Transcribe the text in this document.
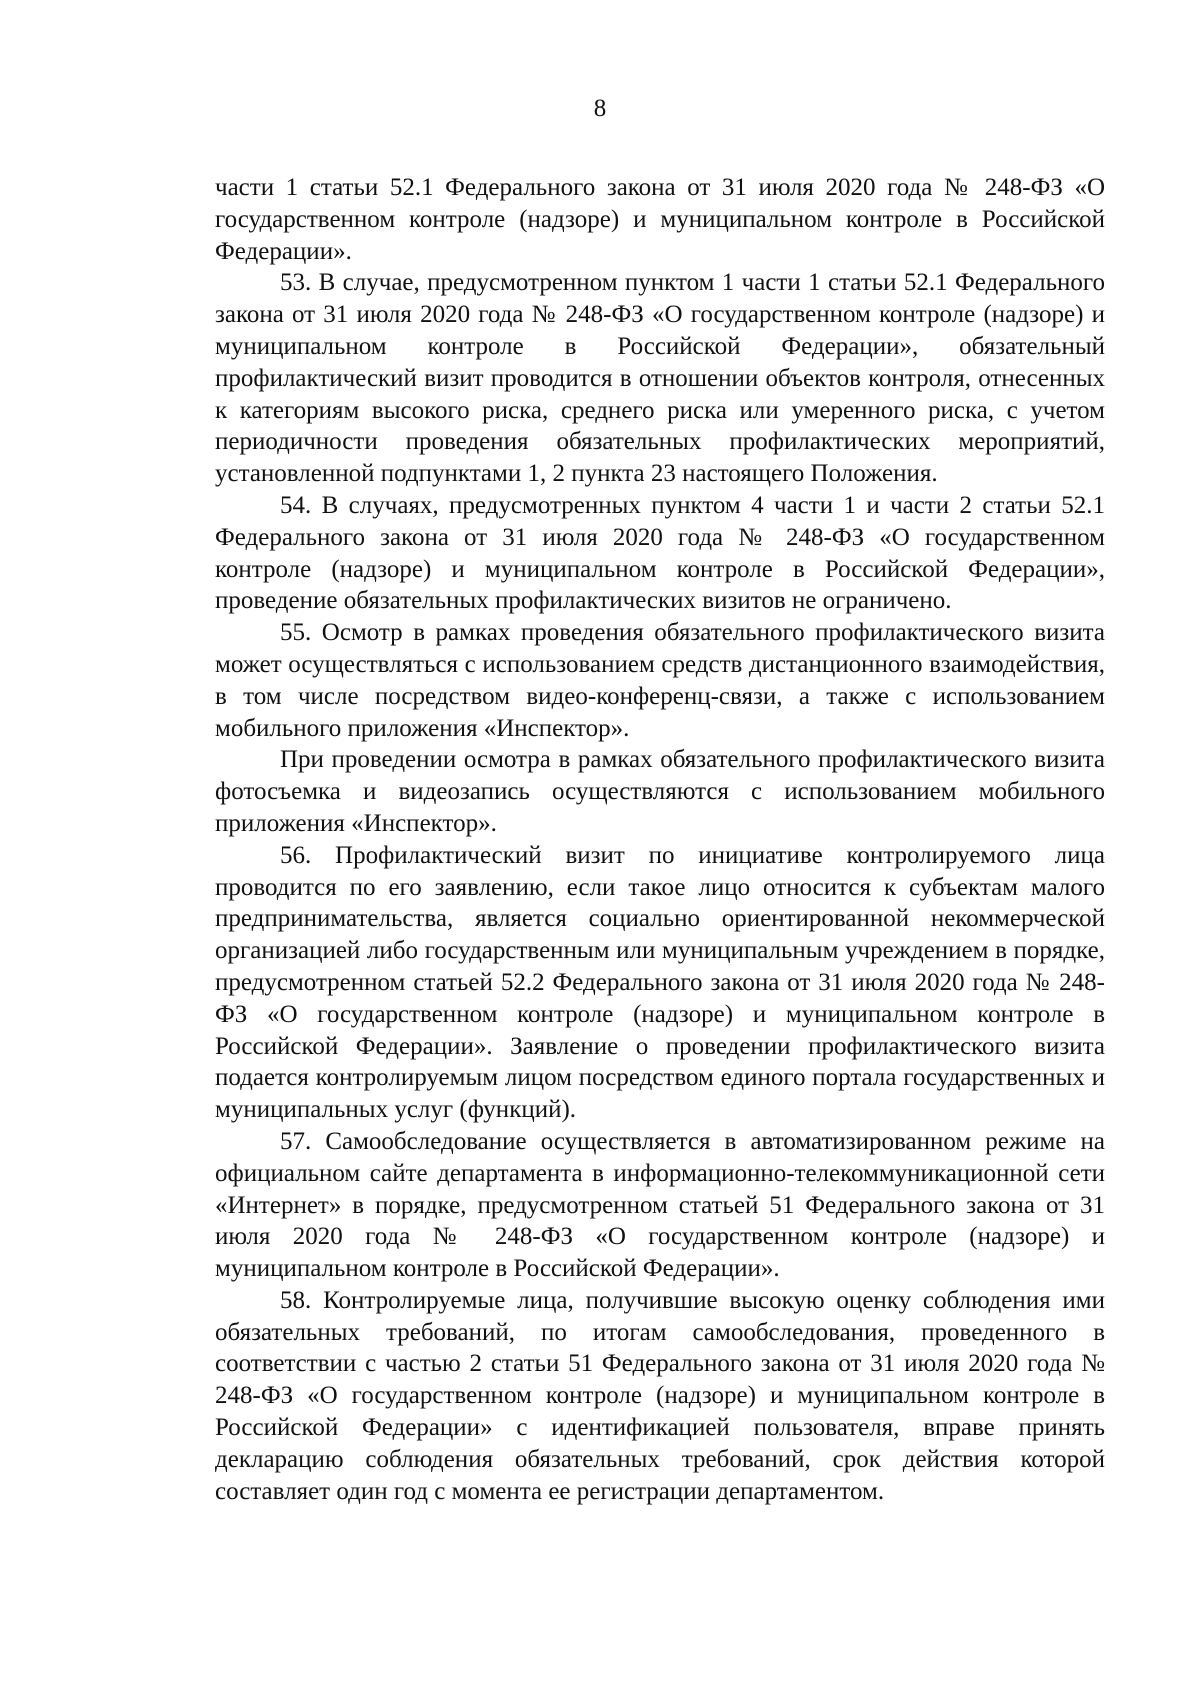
8

части 1 статьи 52.1 Федерального закона от 31 июля 2020 года № 248-ФЗ «О государственном контроле (надзоре) и муниципальном контроле в Российской Федерации».

53. В случае, предусмотренном пунктом 1 части 1 статьи 52.1 Федерального закона от 31 июля 2020 года № 248-ФЗ «О государственном контроле (надзоре) и муниципальном контроле в Российской Федерации», обязательный профилактический визит проводится в отношении объектов контроля, отнесенных к категориям высокого риска, среднего риска или умеренного риска, с учетом периодичности проведения обязательных профилактических мероприятий, установленной подпунктами 1, 2 пункта 23 настоящего Положения.

54. В случаях, предусмотренных пунктом 4 части 1 и части 2 статьи 52.1 Федерального закона от 31 июля 2020 года № 248-ФЗ «О государственном контроле (надзоре) и муниципальном контроле в Российской Федерации», проведение обязательных профилактических визитов не ограничено.

55. Осмотр в рамках проведения обязательного профилактического визита может осуществляться с использованием средств дистанционного взаимодействия, в том числе посредством видео-конференц-связи, а также с использованием мобильного приложения «Инспектор».

При проведении осмотра в рамках обязательного профилактического визита фотосъемка и видеозапись осуществляются с использованием мобильного приложения «Инспектор».

56. Профилактический визит по инициативе контролируемого лица проводится по его заявлению, если такое лицо относится к субъектам малого предпринимательства, является социально ориентированной некоммерческой организацией либо государственным или муниципальным учреждением в порядке, предусмотренном статьей 52.2 Федерального закона от 31 июля 2020 года № 248-ФЗ «О государственном контроле (надзоре) и муниципальном контроле в Российской Федерации». Заявление о проведении профилактического визита подается контролируемым лицом посредством единого портала государственных и муниципальных услуг (функций).

57. Самообследование осуществляется в автоматизированном режиме на официальном сайте департамента в информационно-телекоммуникационной сети «Интернет» в порядке, предусмотренном статьей 51 Федерального закона от 31 июля 2020 года № 248-ФЗ «О государственном контроле (надзоре) и муниципальном контроле в Российской Федерации».

58. Контролируемые лица, получившие высокую оценку соблюдения ими обязательных требований, по итогам самообследования, проведенного в соответствии с частью 2 статьи 51 Федерального закона от 31 июля 2020 года № 248-ФЗ «О государственном контроле (надзоре) и муниципальном контроле в Российской Федерации» с идентификацией пользователя, вправе принять декларацию соблюдения обязательных требований, срок действия которой составляет один год с момента ее регистрации департаментом.
